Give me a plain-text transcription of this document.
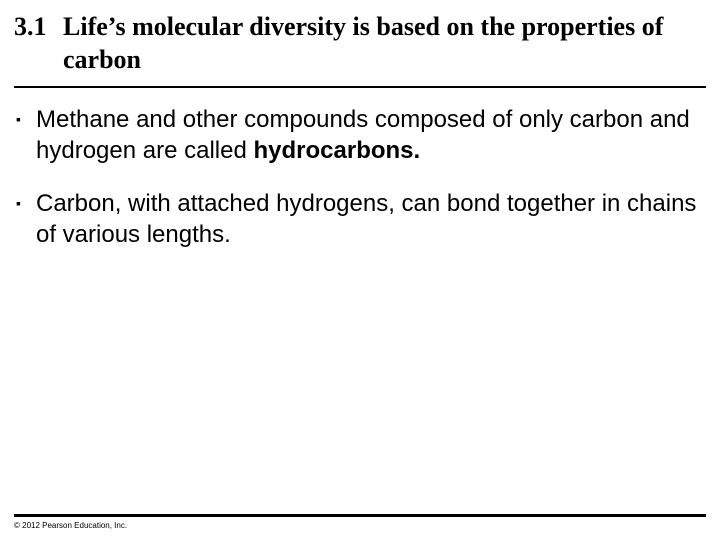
3.1 Life’s molecular diversity is based on the properties of carbon
▪ Methane and other compounds composed of only carbon and hydrogen are called hydrocarbons.
▪ Carbon, with attached hydrogens, can bond together in chains of various lengths.
© 2012 Pearson Education, Inc.
